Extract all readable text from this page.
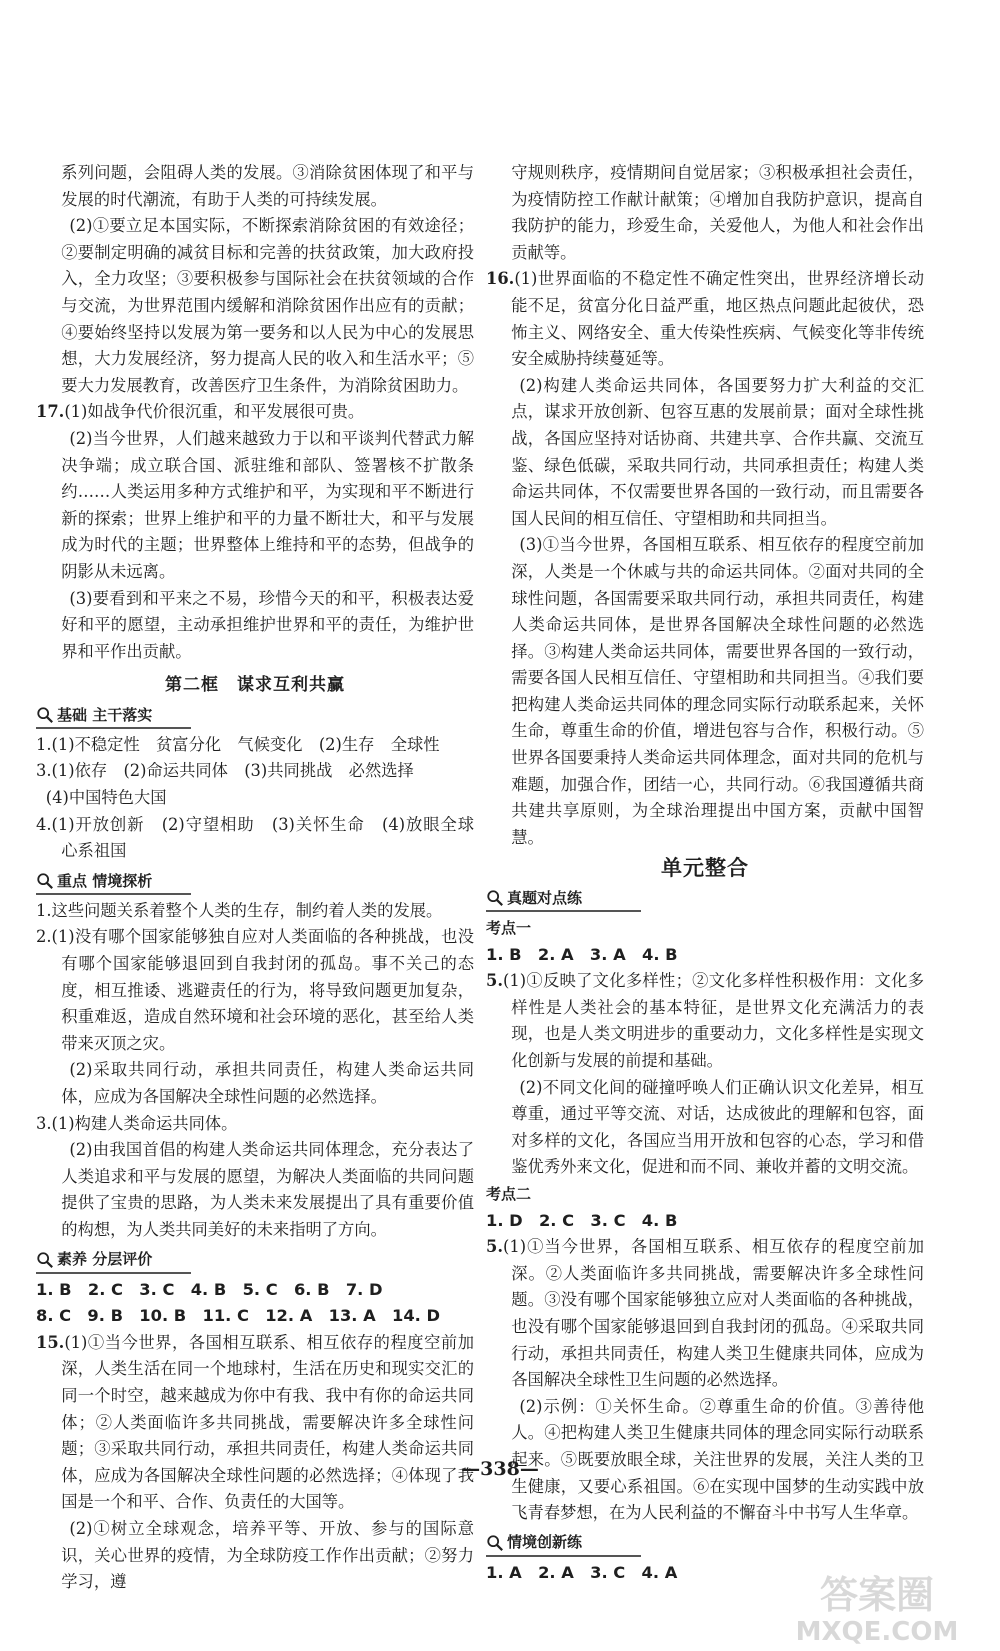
系列问题，会阻碍人类的发展。③消除贫困体现了和平与发展的时代潮流，有助于人类的可持续发展。

(2)①要立足本国实际，不断探索消除贫困的有效途径；②要制定明确的减贫目标和完善的扶贫政策，加大政府投入，全力攻坚；③要积极参与国际社会在扶贫领域的合作与交流，为世界范围内缓解和消除贫困作出应有的贡献；④要始终坚持以发展为第一要务和以人民为中心的发展思想，大力发展经济，努力提高人民的收入和生活水平；⑤要大力发展教育，改善医疗卫生条件，为消除贫困助力。

17.(1)如战争代价很沉重，和平发展很可贵。

(2)当今世界，人们越来越致力于以和平谈判代替武力解决争端；成立联合国、派驻维和部队、签署核不扩散条约……人类运用多种方式维护和平，为实现和平不断进行新的探索；世界上维护和平的力量不断壮大，和平与发展成为时代的主题；世界整体上维持和平的态势，但战争的阴影从未远离。

(3)要看到和平来之不易，珍惜今天的和平，积极表达爱好和平的愿望，主动承担维护世界和平的责任，为维护世界和平作出贡献。

第二框　谋求互利共赢
基础 主干落实

1.(1)不稳定性　贫富分化　气候变化　(2)生存　全球性

3.(1)依存　(2)命运共同体　(3)共同挑战　必然选择

(4)中国特色大国

4.(1)开放创新　(2)守望相助　(3)关怀生命　(4)放眼全球　心系祖国

重点 情境探析

1.这些问题关系着整个人类的生存，制约着人类的发展。

2.(1)没有哪个国家能够独自应对人类面临的各种挑战，也没有哪个国家能够退回到自我封闭的孤岛。事不关己的态度，相互推诿、逃避责任的行为，将导致问题更加复杂，积重难返，造成自然环境和社会环境的恶化，甚至给人类带来灭顶之灾。

(2)采取共同行动，承担共同责任，构建人类命运共同体，应成为各国解决全球性问题的必然选择。

3.(1)构建人类命运共同体。

(2)由我国首倡的构建人类命运共同体理念，充分表达了人类追求和平与发展的愿望，为解决人类面临的共同问题提供了宝贵的思路，为人类未来发展提出了具有重要价值的构想，为人类共同美好的未来指明了方向。

素养 分层评价

1. B　2. C　3. C　4. B　5. C　6. B　7. D

8. C　9. B　10. B　11. C　12. A　13. A　14. D

15.(1)①当今世界，各国相互联系、相互依存的程度空前加深，人类生活在同一个地球村，生活在历史和现实交汇的同一个时空，越来越成为你中有我、我中有你的命运共同体；②人类面临许多共同挑战，需要解决许多全球性问题；③采取共同行动，承担共同责任，构建人类命运共同体，应成为各国解决全球性问题的必然选择；④体现了我国是一个和平、合作、负责任的大国等。

(2)①树立全球观念，培养平等、开放、参与的国际意识，关心世界的疫情，为全球防疫工作作出贡献；②努力学习，遵

守规则秩序，疫情期间自觉居家；③积极承担社会责任，为疫情防控工作献计献策；④增加自我防护意识，提高自我防护的能力，珍爱生命，关爱他人，为他人和社会作出贡献等。

16.(1)世界面临的不稳定性不确定性突出，世界经济增长动能不足，贫富分化日益严重，地区热点问题此起彼伏，恐怖主义、网络安全、重大传染性疾病、气候变化等非传统安全威胁持续蔓延等。

(2)构建人类命运共同体，各国要努力扩大利益的交汇点，谋求开放创新、包容互惠的发展前景；面对全球性挑战，各国应坚持对话协商、共建共享、合作共赢、交流互鉴、绿色低碳，采取共同行动，共同承担责任；构建人类命运共同体，不仅需要世界各国的一致行动，而且需要各国人民间的相互信任、守望相助和共同担当。

(3)①当今世界，各国相互联系、相互依存的程度空前加深，人类是一个休戚与共的命运共同体。②面对共同的全球性问题，各国需要采取共同行动，承担共同责任，构建人类命运共同体，是世界各国解决全球性问题的必然选择。③构建人类命运共同体，需要世界各国的一致行动，需要各国人民相互信任、守望相助和共同担当。④我们要把构建人类命运共同体的理念同实际行动联系起来，关怀生命，尊重生命的价值，增进包容与合作，积极行动。⑤世界各国要秉持人类命运共同体理念，面对共同的危机与难题，加强合作，团结一心，共同行动。⑥我国遵循共商共建共享原则，为全球治理提出中国方案，贡献中国智慧。

单元整合
真题对点练

考点一

1. B　2. A　3. A　4. B

5.(1)①反映了文化多样性；②文化多样性积极作用：文化多样性是人类社会的基本特征，是世界文化充满活力的表现，也是人类文明进步的重要动力，文化多样性是实现文化创新与发展的前提和基础。

(2)不同文化间的碰撞呼唤人们正确认识文化差异，相互尊重，通过平等交流、对话，达成彼此的理解和包容，面对多样的文化，各国应当用开放和包容的心态，学习和借鉴优秀外来文化，促进和而不同、兼收并蓄的文明交流。

考点二

1. D　2. C　3. C　4. B

5.(1)①当今世界，各国相互联系、相互依存的程度空前加深。②人类面临许多共同挑战，需要解决许多全球性问题。③没有哪个国家能够独立应对人类面临的各种挑战，也没有哪个国家能够退回到自我封闭的孤岛。④采取共同行动，承担共同责任，构建人类卫生健康共同体，应成为各国解决全球性卫生问题的必然选择。

(2)示例：①关怀生命。②尊重生命的价值。③善待他人。④把构建人类卫生健康共同体的理念同实际行动联系起来。⑤既要放眼全球，关注世界的发展，关注人类的卫生健康，又要心系祖国。⑥在实现中国梦的生动实践中放飞青春梦想，在为人民利益的不懈奋斗中书写人生华章。

情境创新练

1. A　2. A　3. C　4. A

—338—
答案圈
MXQE.COM
